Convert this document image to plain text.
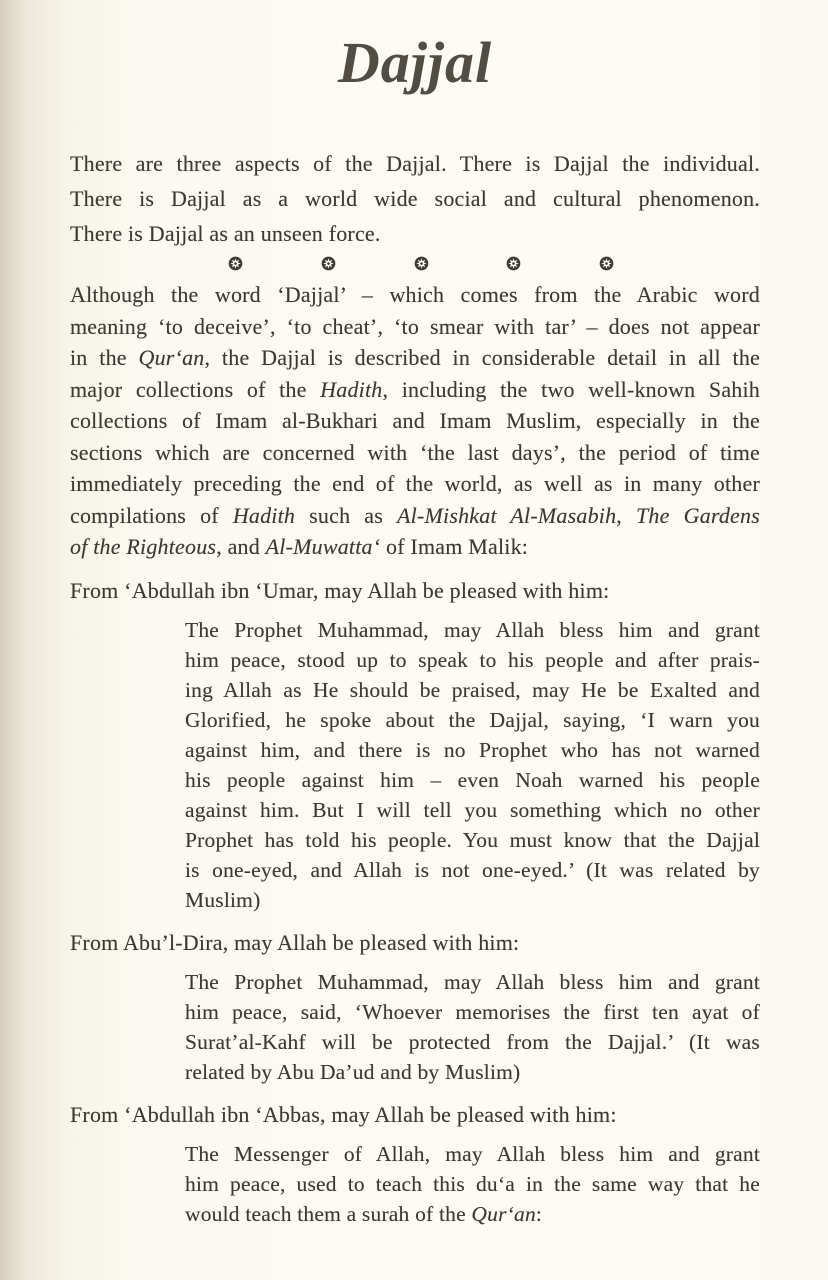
Dajjal
There are three aspects of the Dajjal. There is Dajjal the individual.
There is Dajjal as a world wide social and cultural phenomenon.
There is Dajjal as an unseen force.
Although the word ‘Dajjal’ – which comes from the Arabic word
meaning ‘to deceive’, ‘to cheat’, ‘to smear with tar’ – does not appear
in the Qur‘an, the Dajjal is described in considerable detail in all the
major collections of the Hadith, including the two well-known Sahih
collections of Imam al-Bukhari and Imam Muslim, especially in the
sections which are concerned with ‘the last days’, the period of time
immediately preceding the end of the world, as well as in many other
compilations of Hadith such as Al-Mishkat Al-Masabih, The Gardens
of the Righteous, and Al-Muwatta‘ of Imam Malik:
From ‘Abdullah ibn ‘Umar, may Allah be pleased with him:
The Prophet Muhammad, may Allah bless him and grant
him peace, stood up to speak to his people and after prais-
ing Allah as He should be praised, may He be Exalted and
Glorified, he spoke about the Dajjal, saying, ‘I warn you
against him, and there is no Prophet who has not warned
his people against him – even Noah warned his people
against him. But I will tell you something which no other
Prophet has told his people. You must know that the Dajjal
is one-eyed, and Allah is not one-eyed.’ (It was related by
Muslim)
From Abu’l-Dira, may Allah be pleased with him:
The Prophet Muhammad, may Allah bless him and grant
him peace, said, ‘Whoever memorises the first ten ayat of
Surat’al-Kahf will be protected from the Dajjal.’ (It was
related by Abu Da’ud and by Muslim)
From ‘Abdullah ibn ‘Abbas, may Allah be pleased with him:
The Messenger of Allah, may Allah bless him and grant
him peace, used to teach this du‘a in the same way that he
would teach them a surah of the Qur‘an:
